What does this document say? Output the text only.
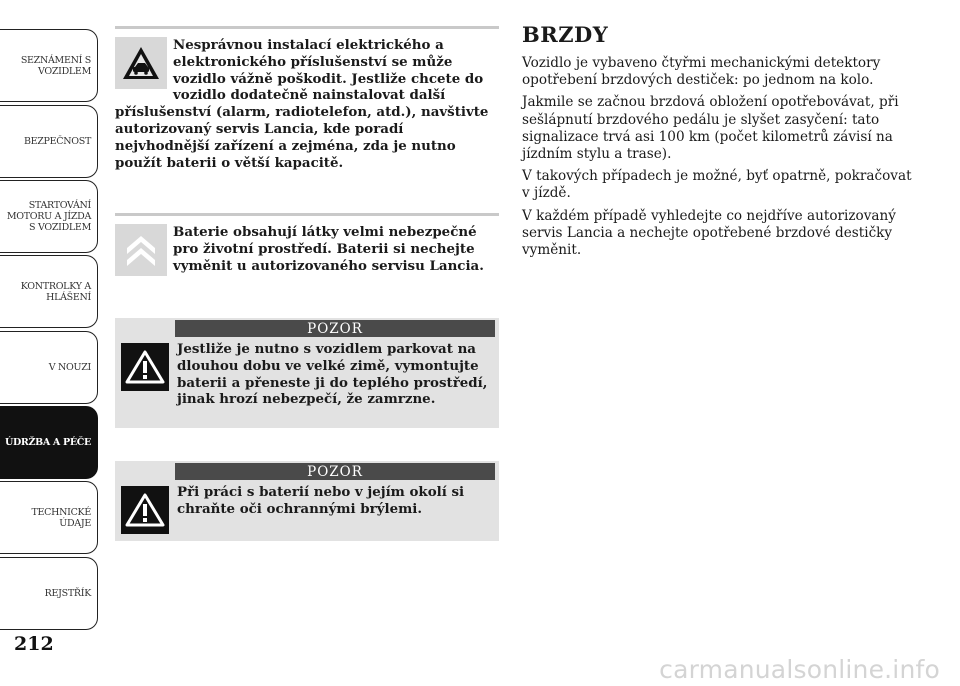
SEZNÁMENÍ S
VOZIDLEM
BEZPEČNOST
STARTOVÁNÍ
MOTORU A JÍZDA
S VOZIDLEM
KONTROLKY A
HLÁŠENÍ
V NOUZI
ÚDRŽBA A PÉČE
TECHNICKÉ
ÚDAJE
REJSTŘÍK
212
Nesprávnou instalací elektrického a elektronického příslušenství se může vozidlo vážně poškodit. Jestliže chcete do vozidlo dodatečně nainstalovat další příslušenství (alarm, radiotelefon, atd.), navštivte autorizovaný servis Lancia, kde poradí nejvhodnější zařízení a zejména, zda je nutno použít baterii o větší kapacitě.
Baterie obsahují látky velmi nebezpečné pro životní prostředí. Baterii si nechejte vyměnit u autorizovaného servisu Lancia.
POZOR
Jestliže je nutno s vozidlem parkovat na dlouhou dobu ve velké zimě, vymontujte baterii a přeneste ji do teplého prostředí, jinak hrozí nebezpečí, že zamrzne.
POZOR
Při práci s baterií nebo v jejím okolí si chraňte oči ochrannými brýlemi.
BRZDY

Vozidlo je vybaveno čtyřmi mechanickými detektory opotřebení brzdových destiček: po jednom na kolo.

Jakmile se začnou brzdová obložení opotřebovávat, při sešlápnutí brzdového pedálu je slyšet zasyčení: tato signalizace trvá asi 100 km (počet kilometrů závisí na jízdním stylu a trase).

V takových případech je možné, byť opatrně, pokračovat v jízdě.

V každém případě vyhledejte co nejdříve autorizovaný servis Lancia a nechejte opotřebené brzdové destičky vyměnit.

carmanualsonline.info
